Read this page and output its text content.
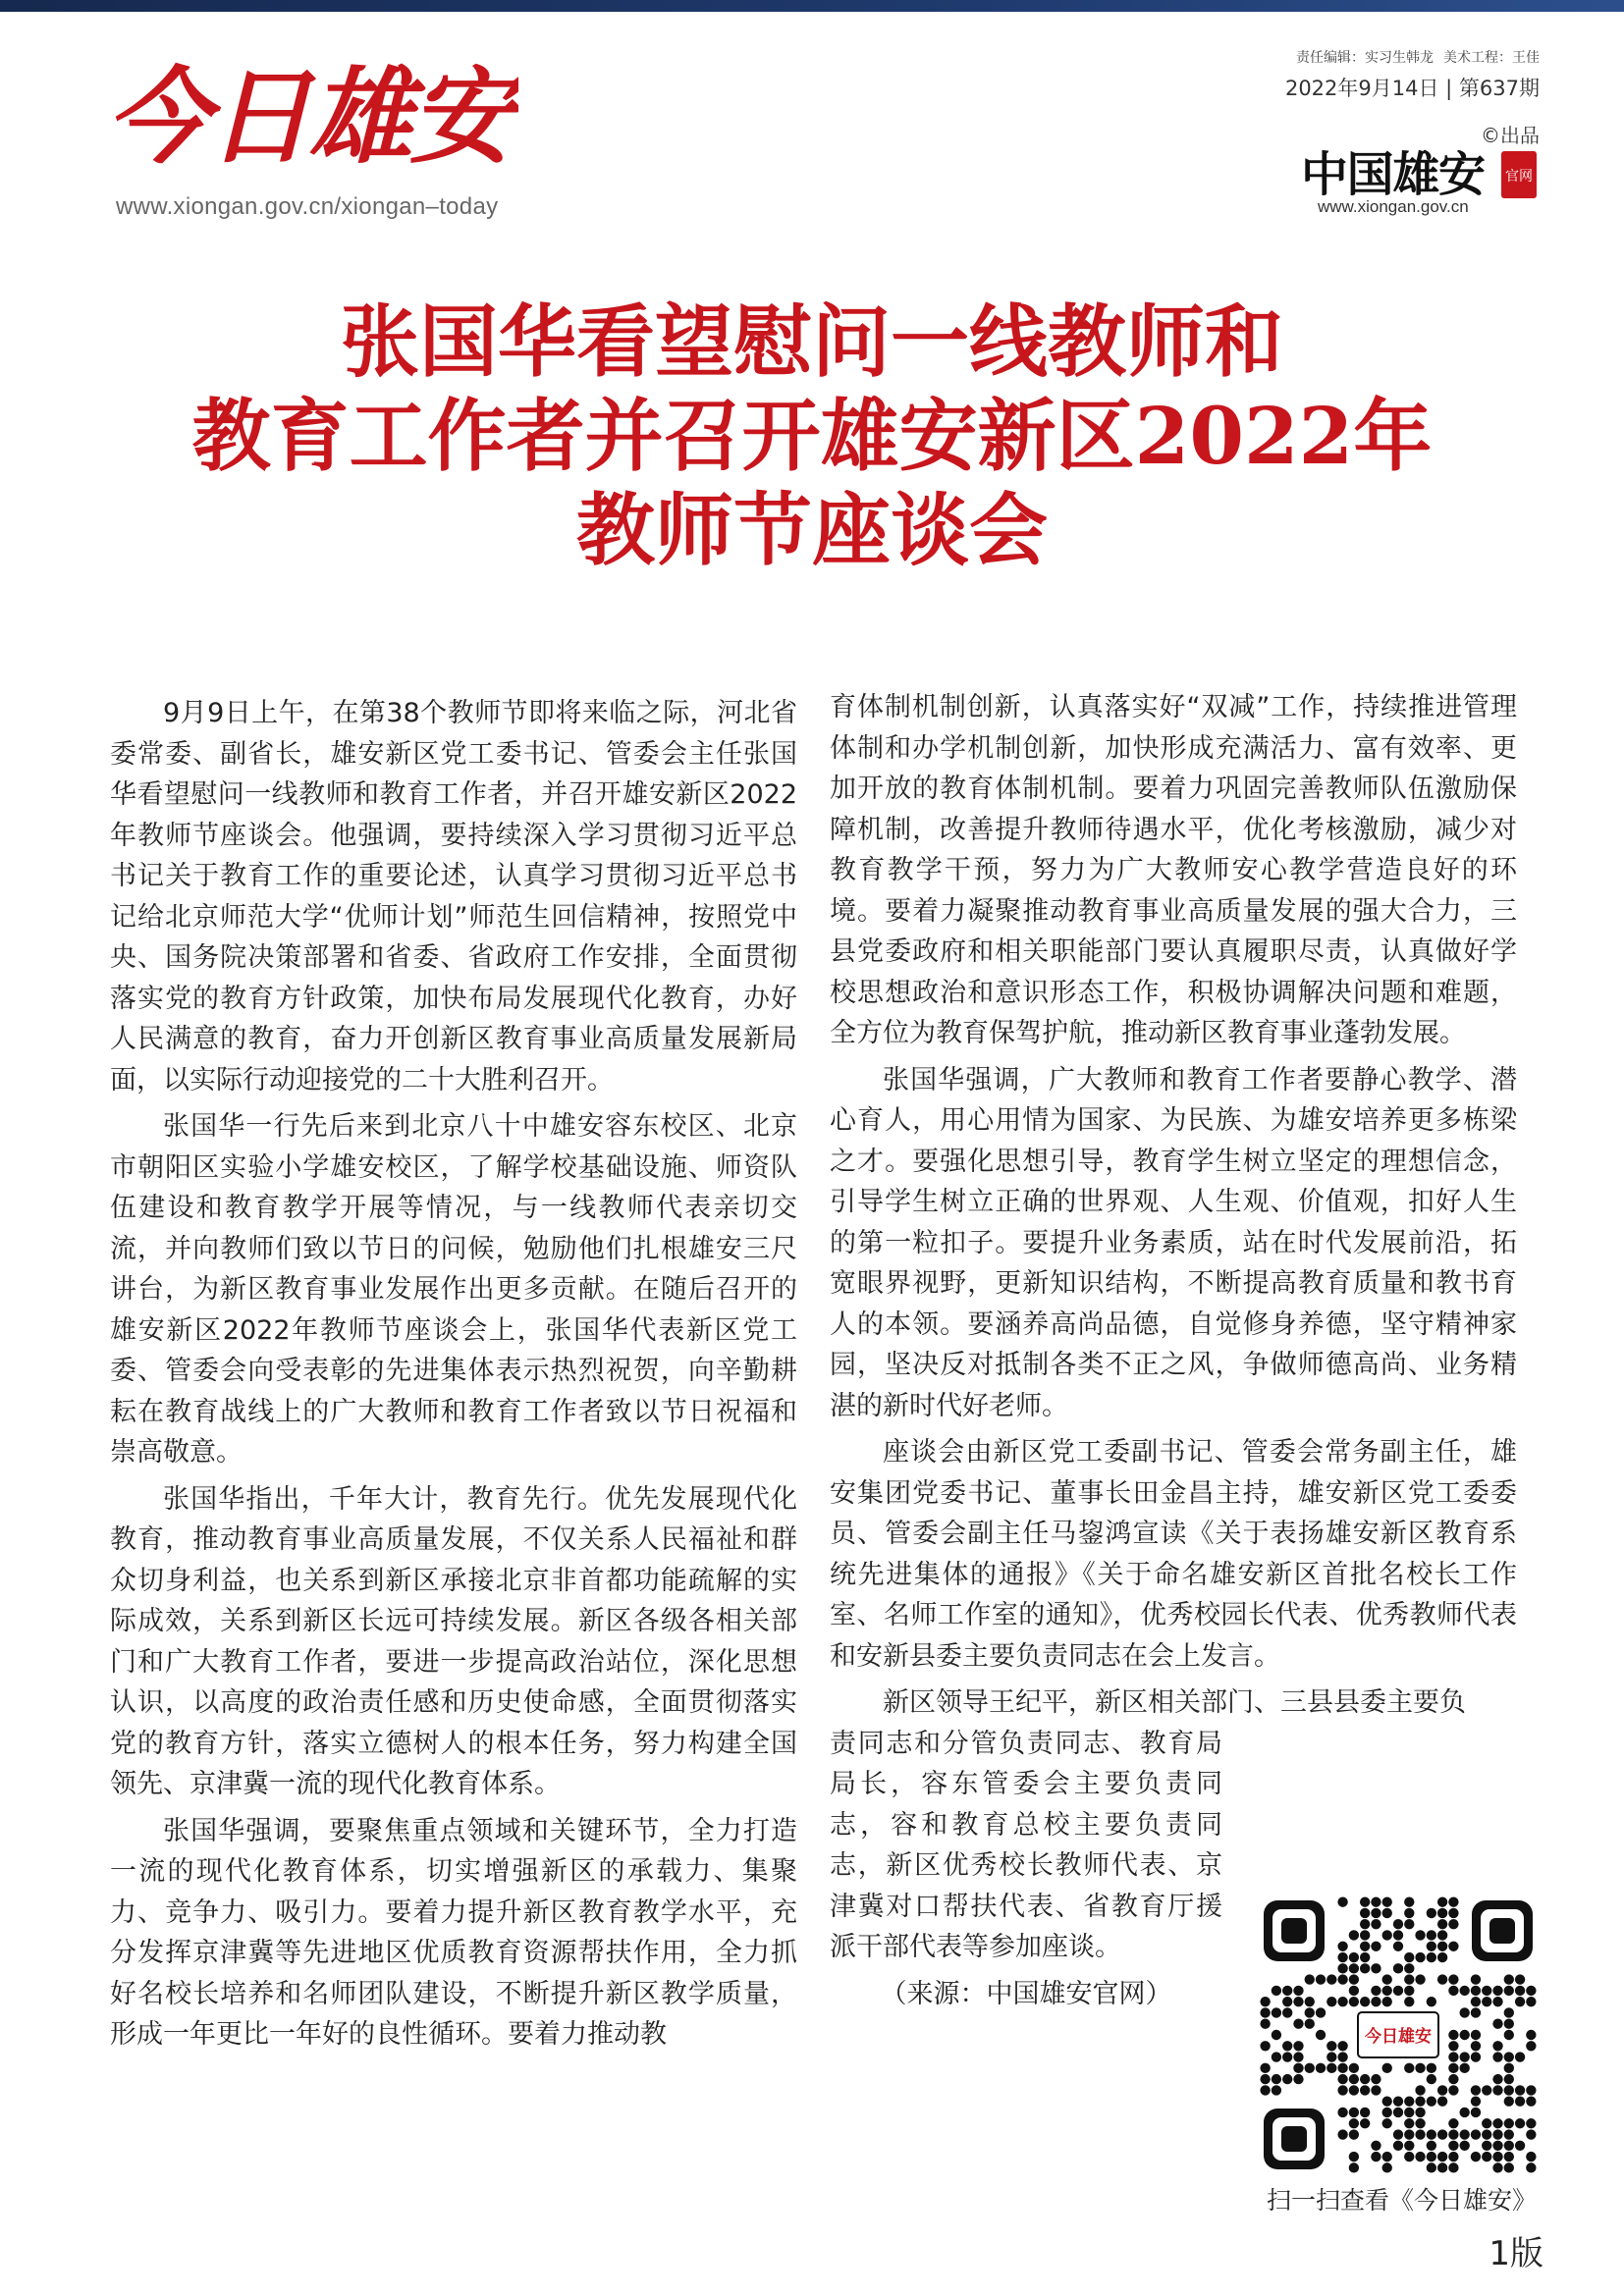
今日雄安
www.xiongan.gov.cn/xiongan–today
责任编辑：实习生韩龙 美术工程：王佳
2022年9月14日 | 第637期
©出品
中国雄安 官网
www.xiongan.gov.cn
张国华看望慰问一线教师和
教育工作者并召开雄安新区2022年
教师节座谈会

9月9日上午，在第38个教师节即将来临之际，河北省委常委、副省长，雄安新区党工委书记、管委会主任张国华看望慰问一线教师和教育工作者，并召开雄安新区2022年教师节座谈会。他强调，要持续深入学习贯彻习近平总书记关于教育工作的重要论述，认真学习贯彻习近平总书记给北京师范大学“优师计划”师范生回信精神，按照党中央、国务院决策部署和省委、省政府工作安排，全面贯彻落实党的教育方针政策，加快布局发展现代化教育，办好人民满意的教育，奋力开创新区教育事业高质量发展新局面，以实际行动迎接党的二十大胜利召开。

张国华一行先后来到北京八十中雄安容东校区、北京市朝阳区实验小学雄安校区，了解学校基础设施、师资队伍建设和教育教学开展等情况，与一线教师代表亲切交流，并向教师们致以节日的问候，勉励他们扎根雄安三尺讲台，为新区教育事业发展作出更多贡献。在随后召开的雄安新区2022年教师节座谈会上，张国华代表新区党工委、管委会向受表彰的先进集体表示热烈祝贺，向辛勤耕耘在教育战线上的广大教师和教育工作者致以节日祝福和崇高敬意。

张国华指出，千年大计，教育先行。优先发展现代化教育，推动教育事业高质量发展，不仅关系人民福祉和群众切身利益，也关系到新区承接北京非首都功能疏解的实际成效，关系到新区长远可持续发展。新区各级各相关部门和广大教育工作者，要进一步提高政治站位，深化思想认识，以高度的政治责任感和历史使命感，全面贯彻落实党的教育方针，落实立德树人的根本任务，努力构建全国领先、京津冀一流的现代化教育体系。

张国华强调，要聚焦重点领域和关键环节，全力打造一流的现代化教育体系，切实增强新区的承载力、集聚力、竞争力、吸引力。要着力提升新区教育教学水平，充分发挥京津冀等先进地区优质教育资源帮扶作用，全力抓好名校长培养和名师团队建设，不断提升新区教学质量，形成一年更比一年好的良性循环。要着力推动教

育体制机制创新，认真落实好“双减”工作，持续推进管理体制和办学机制创新，加快形成充满活力、富有效率、更加开放的教育体制机制。要着力巩固完善教师队伍激励保障机制，改善提升教师待遇水平，优化考核激励，减少对教育教学干预，努力为广大教师安心教学营造良好的环境。要着力凝聚推动教育事业高质量发展的强大合力，三县党委政府和相关职能部门要认真履职尽责，认真做好学校思想政治和意识形态工作，积极协调解决问题和难题，全方位为教育保驾护航，推动新区教育事业蓬勃发展。

张国华强调，广大教师和教育工作者要静心教学、潜心育人，用心用情为国家、为民族、为雄安培养更多栋梁之才。要强化思想引导，教育学生树立坚定的理想信念，引导学生树立正确的世界观、人生观、价值观，扣好人生的第一粒扣子。要提升业务素质，站在时代发展前沿，拓宽眼界视野，更新知识结构，不断提高教育质量和教书育人的本领。要涵养高尚品德，自觉修身养德，坚守精神家园，坚决反对抵制各类不正之风，争做师德高尚、业务精湛的新时代好老师。

座谈会由新区党工委副书记、管委会常务副主任，雄安集团党委书记、董事长田金昌主持，雄安新区党工委委员、管委会副主任马鋆鸿宣读《关于表扬雄安新区教育系统先进集体的通报》《关于命名雄安新区首批名校长工作室、名师工作室的通知》，优秀校园长代表、优秀教师代表和安新县委主要负责同志在会上发言。

新区领导王纪平，新区相关部门、三县县委主要负

责同志和分管负责同志、教育局局长，容东管委会主要负责同志，容和教育总校主要负责同志，新区优秀校长教师代表、京津冀对口帮扶代表、省教育厅援派干部代表等参加座谈。

（来源：中国雄安官网）
今日雄安
扫一扫查看《今日雄安》
1版
